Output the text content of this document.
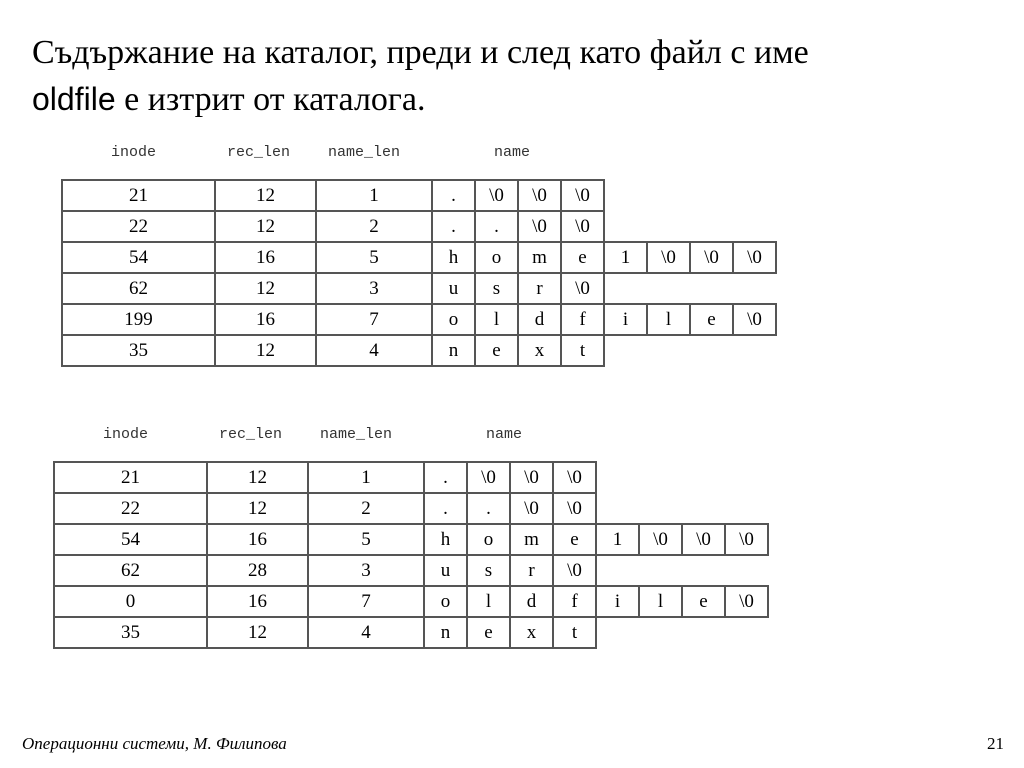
Съдържание на каталог, преди и след като файл с име
oldfile е изтрит от каталога.
inode	rec_len	name_len	name
21	12	1	.	\0	\0	\0				
22	12	2	.	.	\0	\0				
54	16	5	h	o	m	e	1	\0	\0	\0
62	12	3	u	s	r	\0				
199	16	7	o	l	d	f	i	l	e	\0
35	12	4	n	e	x	t				
inode	rec_len	name_len	name
21	12	1	.	\0	\0	\0				
22	12	2	.	.	\0	\0				
54	16	5	h	o	m	e	1	\0	\0	\0
62	28	3	u	s	r	\0				
0	16	7	o	l	d	f	i	l	e	\0
35	12	4	n	e	x	t				
Операционни системи, М. Филипова	21
